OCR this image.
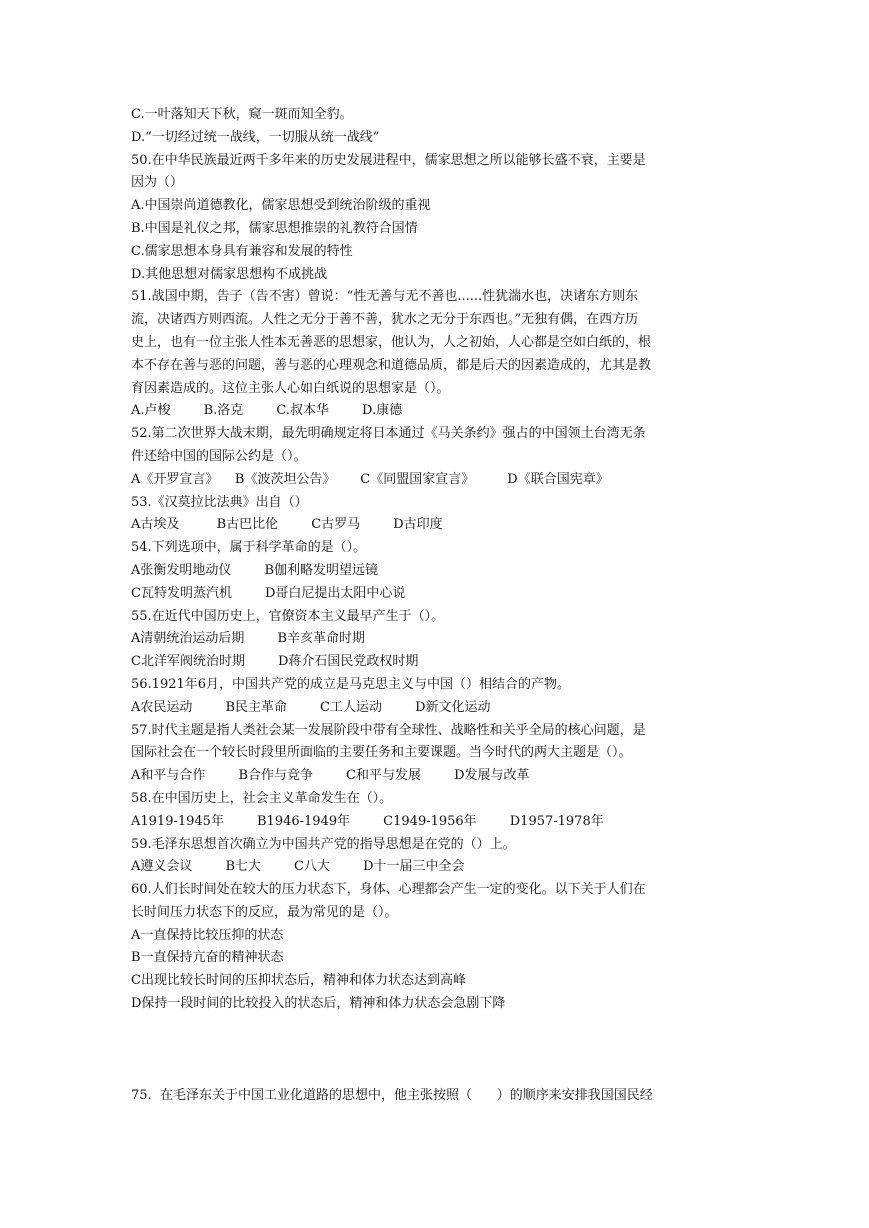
C.一叶落知天下秋，窥一斑而知全豹。
D.“一切经过统一战线，一切服从统一战线”
50.在中华民族最近两千多年来的历史发展进程中，儒家思想之所以能够长盛不衰，主要是
因为（）
A.中国崇尚道德教化，儒家思想受到统治阶级的重视
B.中国是礼仪之邦，儒家思想推崇的礼教符合国情
C.儒家思想本身具有兼容和发展的特性
D.其他思想对儒家思想构不成挑战
51.战国中期，告子（告不害）曾说：“性无善与无不善也......性犹湍水也，决诸东方则东
流，决诸西方则西流。人性之无分于善不善，犹水之无分于东西也。”无独有偶，在西方历
史上，也有一位主张人性本无善恶的思想家，他认为，人之初始，人心都是空如白纸的，根
本不存在善与恶的问题，善与恶的心理观念和道德品质，都是后天的因素造成的，尤其是教
育因素造成的。这位主张人心如白纸说的思想家是（）。
A.卢梭        B.洛克        C.叔本华        D.康德
52.第二次世界大战末期，最先明确规定将日本通过《马关条约》强占的中国领土台湾无条
件还给中国的国际公约是（）。
A《开罗宣言》    B《波茨坦公告》      C《同盟国家宣言》        D《联合国宪章》
53.《汉莫拉比法典》出自（）
A古埃及         B古巴比伦        C古罗马        D古印度
54.下列选项中，属于科学革命的是（）。
A张衡发明地动仪        B伽利略发明望远镜
C瓦特发明蒸汽机        D哥白尼提出太阳中心说
55.在近代中国历史上，官僚资本主义最早产生于（）。
A清朝统治运动后期        B辛亥革命时期
C北洋军阀统治时期        D蒋介石国民党政权时期
56.1921年6月，中国共产党的成立是马克思主义与中国（）相结合的产物。
A农民运动        B民主革命        C工人运动        D新文化运动
57.时代主题是指人类社会某一发展阶段中带有全球性、战略性和关乎全局的核心问题，是
国际社会在一个较长时段里所面临的主要任务和主要课题。当今时代的两大主题是（）。
A和平与合作        B合作与竞争        C和平与发展        D发展与改革
58.在中国历史上，社会主义革命发生在（）。
A1919-1945年        B1946-1949年        C1949-1956年        D1957-1978年
59.毛泽东思想首次确立为中国共产党的指导思想是在党的（）上。
A遵义会议        B七大        C八大        D十一届三中全会
60.人们长时间处在较大的压力状态下，身体、心理都会产生一定的变化。以下关于人们在
长时间压力状态下的反应，最为常见的是（）。
A一直保持比较压抑的状态
B一直保持亢奋的精神状态
C出现比较长时间的压抑状态后，精神和体力状态达到高峰
D保持一段时间的比较投入的状态后，精神和体力状态会急剧下降
75.  在毛泽东关于中国工业化道路的思想中，他主张按照（      ）的顺序来安排我国国民经
